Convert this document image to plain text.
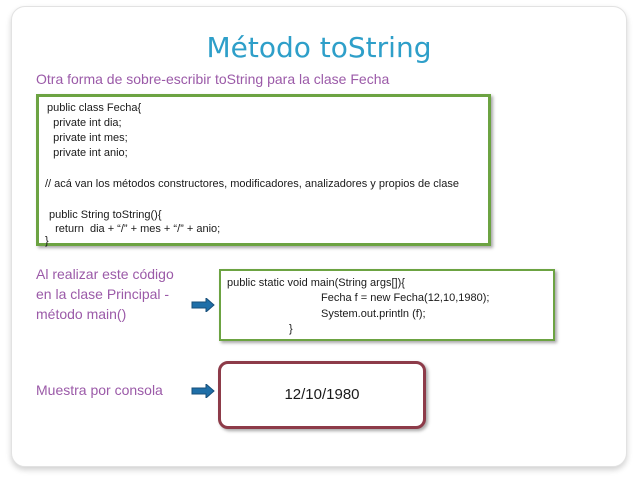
Método toString
Otra forma de sobre-escribir toString para la clase Fecha
public class Fecha{
private int dia;
private int mes;
private int anio;
// acá van los métodos constructores, modificadores, analizadores y propios de clase
public String toString(){
return  dia + “/” + mes + “/” + anio;
}
Al realizar este código
en la clase Principal -
método main()
public static void main(String args[]){
Fecha f = new Fecha(12,10,1980);
System.out.println (f);
}
Muestra por consola	12/10/1980
